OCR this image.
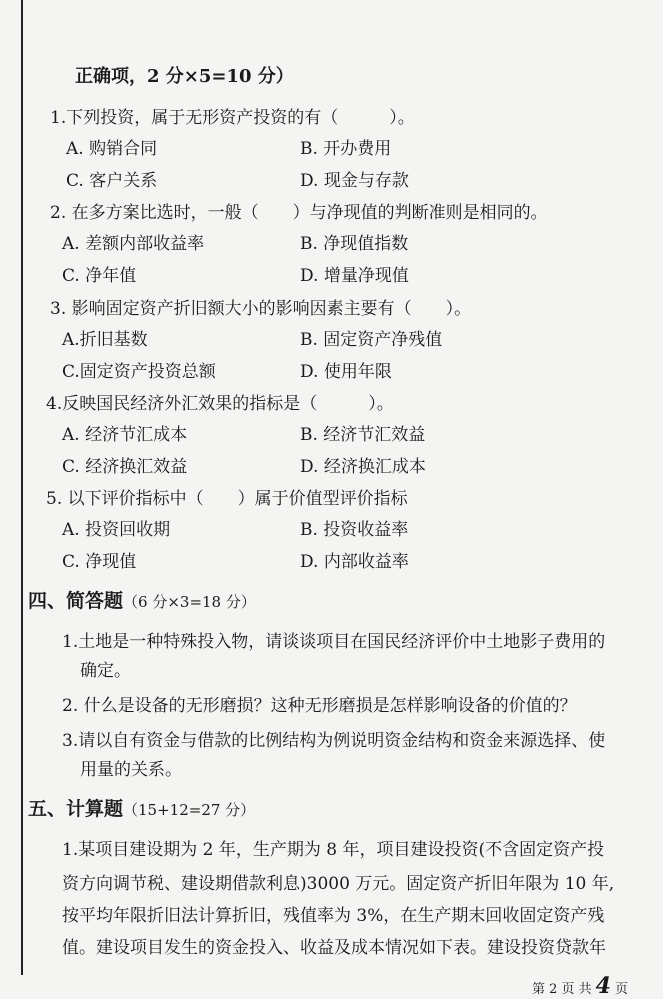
正确项，2 分×5=10 分）
1.下列投资，属于无形资产投资的有（　　　）。
A. 购销合同	B. 开办费用
C. 客户关系	D. 现金与存款
2. 在多方案比选时，一般（　　）与净现值的判断准则是相同的。
A. 差额内部收益率	B. 净现值指数
C. 净年值	D. 增量净现值
3. 影响固定资产折旧额大小的影响因素主要有（　　）。
A.折旧基数	B. 固定资产净残值
C.固定资产投资总额	D. 使用年限
4.反映国民经济外汇效果的指标是（　　　）。
A. 经济节汇成本	B. 经济节汇效益
C. 经济换汇效益	D. 经济换汇成本
5. 以下评价指标中（　　）属于价值型评价指标
A. 投资回收期	B. 投资收益率
C. 净现值	D. 内部收益率
四、简答题（6 分×3=18 分）
1.土地是一种特殊投入物，请谈谈项目在国民经济评价中土地影子费用的
确定。
2. 什么是设备的无形磨损？这种无形磨损是怎样影响设备的价值的？
3.请以自有资金与借款的比例结构为例说明资金结构和资金来源选择、使
用量的关系。
五、计算题（15+12=27 分）
1.某项目建设期为 2 年，生产期为 8 年，项目建设投资(不含固定资产投
资方向调节税、建设期借款利息)3000 万元。固定资产折旧年限为 10 年,
按平均年限折旧法计算折旧，残值率为 3%，在生产期末回收固定资产残
值。建设项目发生的资金投入、收益及成本情况如下表。建设投资贷款年
第 2 页 共 4 页
